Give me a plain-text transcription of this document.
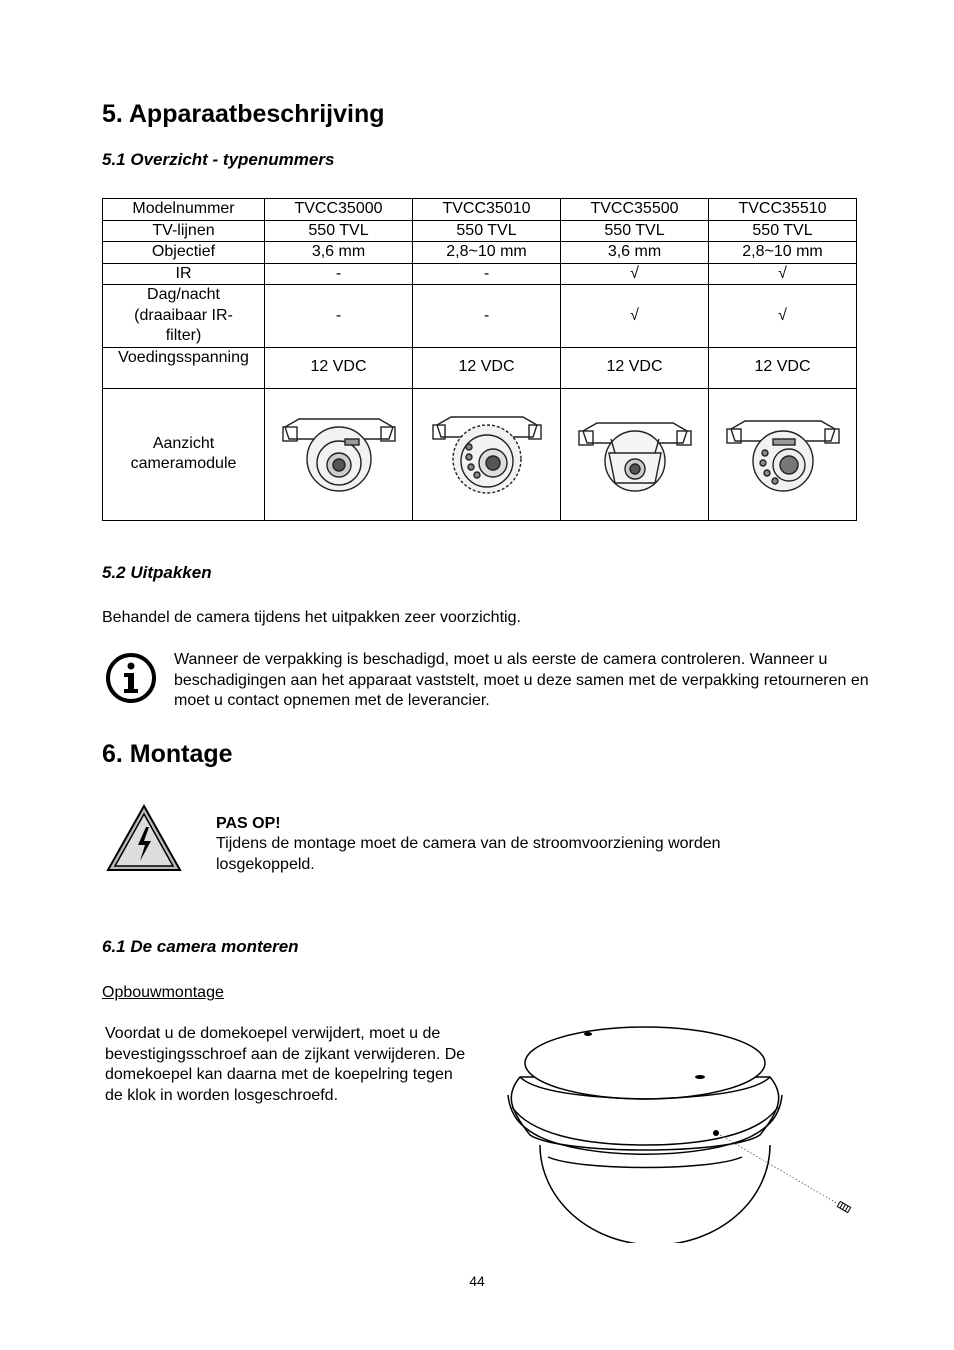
5. Apparaatbeschrijving
5.1 Overzicht - typenummers
Modelnummer	TVCC35000	TVCC35010	TVCC35500	TVCC35510
TV-lijnen	550 TVL	550 TVL	550 TVL	550 TVL
Objectief	3,6 mm	2,8~10 mm	3,6 mm	2,8~10 mm
IR	-	-	√	√
Dag/nacht (draaibaar IR-filter)	-	-	√	√
Voedingsspanning	12 VDC	12 VDC	12 VDC	12 VDC
Aanzicht cameramodule	

5.2 Uitpakken

Behandel de camera tijdens het uitpakken zeer voorzichtig.

Wanneer de verpakking is beschadigd, moet u als eerste de camera controleren. Wanneer u beschadigingen aan het apparaat vaststelt, moet u deze samen met de verpakking retourneren en moet u contact opnemen met de leverancier.

6. Montage

PAS OP!

Tijdens de montage moet de camera van de stroomvoorziening worden losgekoppeld.

6.1 De camera monteren

Opbouwmontage

Voordat u de domekoepel verwijdert, moet u de bevestigingsschroef aan de zijkant verwijderen. De domekoepel kan daarna met de koepelring tegen de klok in worden losgeschroefd.

44
